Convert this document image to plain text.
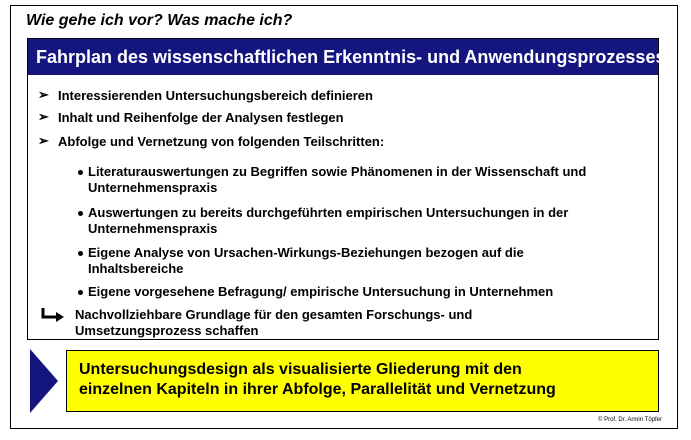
Wie gehe ich vor? Was mache ich?
Fahrplan des wissenschaftlichen Erkenntnis- und Anwendungsprozesses
➢ Interessierenden Untersuchungsbereich definieren
➢ Inhalt und Reihenfolge der Analysen festlegen
➢ Abfolge und Vernetzung von folgenden Teilschritten:
Literaturauswertungen zu Begriffen sowie Phänomenen in der Wissenschaft und
Unternehmenspraxis
Auswertungen zu bereits durchgeführten empirischen Untersuchungen in der
Unternehmenspraxis
Eigene Analyse von Ursachen-Wirkungs-Beziehungen bezogen auf die
Inhaltsbereiche
Eigene vorgesehene Befragung/ empirische Untersuchung in Unternehmen
Nachvollziehbare Grundlage für den gesamten Forschungs- und
Umsetzungsprozess schaffen
Untersuchungsdesign als visualisierte Gliederung mit den
einzelnen Kapiteln in ihrer Abfolge, Parallelität und Vernetzung
© Prof. Dr. Armin Töpfer
